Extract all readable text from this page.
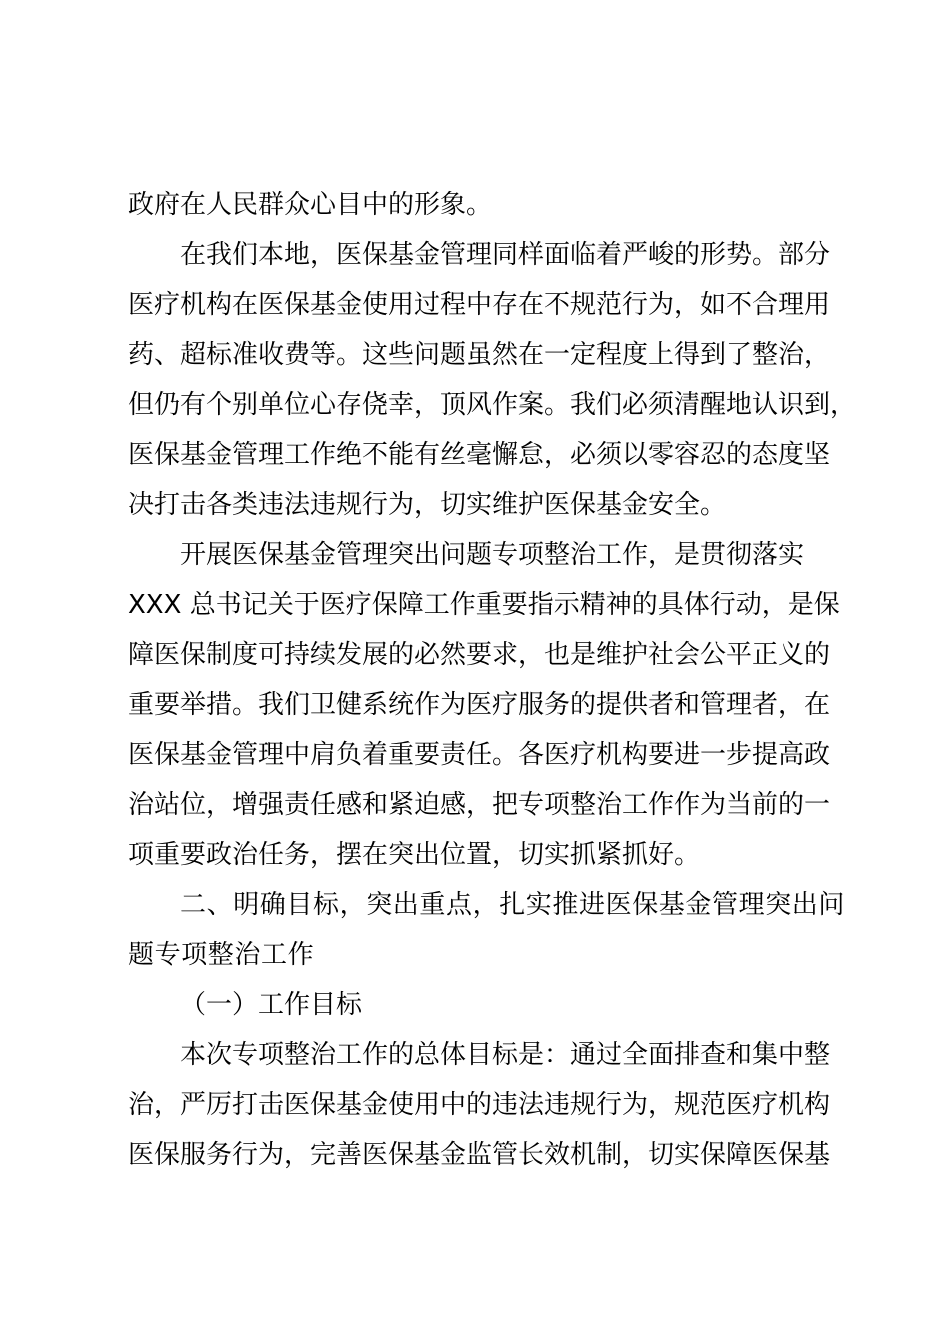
政府在人民群众心目中的形象。
在我们本地，医保基金管理同样面临着严峻的形势。部分
医疗机构在医保基金使用过程中存在不规范行为，如不合理用
药、超标准收费等。这些问题虽然在一定程度上得到了整治，
但仍有个别单位心存侥幸，顶风作案。我们必须清醒地认识到，
医保基金管理工作绝不能有丝毫懈怠，必须以零容忍的态度坚
决打击各类违法违规行为，切实维护医保基金安全。
开展医保基金管理突出问题专项整治工作，是贯彻落实
XXX 总书记关于医疗保障工作重要指示精神的具体行动，是保
障医保制度可持续发展的必然要求，也是维护社会公平正义的
重要举措。我们卫健系统作为医疗服务的提供者和管理者，在
医保基金管理中肩负着重要责任。各医疗机构要进一步提高政
治站位，增强责任感和紧迫感，把专项整治工作作为当前的一
项重要政治任务，摆在突出位置，切实抓紧抓好。
二、明确目标，突出重点，扎实推进医保基金管理突出问
题专项整治工作
（一）工作目标
本次专项整治工作的总体目标是：通过全面排查和集中整
治，严厉打击医保基金使用中的违法违规行为，规范医疗机构
医保服务行为，完善医保基金监管长效机制，切实保障医保基
